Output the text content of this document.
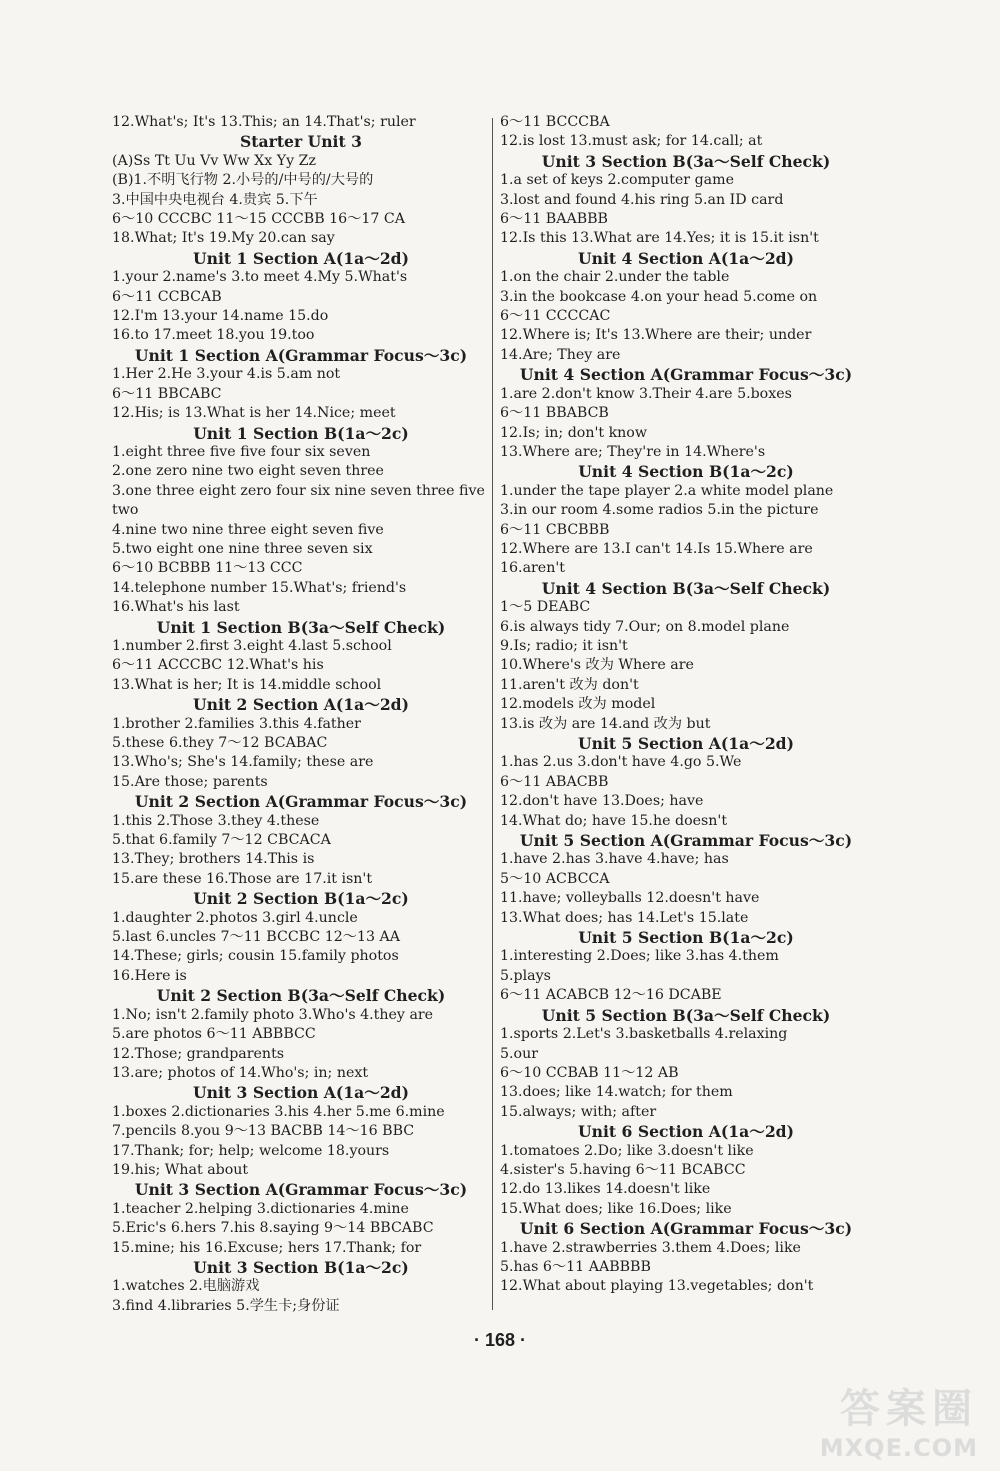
12.What's; It's 13.This; an 14.That's; ruler
Starter Unit 3
(A)Ss Tt Uu Vv Ww Xx Yy Zz
(B)1.不明飞行物 2.小号的/中号的/大号的
3.中国中央电视台 4.贵宾 5.下午
6～10 CCCBC 11～15 CCCBB 16～17 CA
18.What; It's 19.My 20.can say
Unit 1 Section A(1a～2d)
1.your 2.name's 3.to meet 4.My 5.What's
6～11 CCBCAB
12.I'm 13.your 14.name 15.do
16.to 17.meet 18.you 19.too
Unit 1 Section A(Grammar Focus～3c)
1.Her 2.He 3.your 4.is 5.am not
6～11 BBCABC
12.His; is 13.What is her 14.Nice; meet
Unit 1 Section B(1a～2c)
1.eight three five five four six seven
2.one zero nine two eight seven three
3.one three eight zero four six nine seven three five
two
4.nine two nine three eight seven five
5.two eight one nine three seven six
6～10 BCBBB 11～13 CCC
14.telephone number 15.What's; friend's
16.What's his last
Unit 1 Section B(3a～Self Check)
1.number 2.first 3.eight 4.last 5.school
6～11 ACCCBC 12.What's his
13.What is her; It is 14.middle school
Unit 2 Section A(1a～2d)
1.brother 2.families 3.this 4.father
5.these 6.they 7～12 BCABAC
13.Who's; She's 14.family; these are
15.Are those; parents
Unit 2 Section A(Grammar Focus～3c)
1.this 2.Those 3.they 4.these
5.that 6.family 7～12 CBCACA
13.They; brothers 14.This is
15.are these 16.Those are 17.it isn't
Unit 2 Section B(1a～2c)
1.daughter 2.photos 3.girl 4.uncle
5.last 6.uncles 7～11 BCCBC 12～13 AA
14.These; girls; cousin 15.family photos
16.Here is
Unit 2 Section B(3a～Self Check)
1.No; isn't 2.family photo 3.Who's 4.they are
5.are photos 6～11 ABBBCC
12.Those; grandparents
13.are; photos of 14.Who's; in; next
Unit 3 Section A(1a～2d)
1.boxes 2.dictionaries 3.his 4.her 5.me 6.mine
7.pencils 8.you 9～13 BACBB 14～16 BBC
17.Thank; for; help; welcome 18.yours
19.his; What about
Unit 3 Section A(Grammar Focus～3c)
1.teacher 2.helping 3.dictionaries 4.mine
5.Eric's 6.hers 7.his 8.saying 9～14 BBCABC
15.mine; his 16.Excuse; hers 17.Thank; for
Unit 3 Section B(1a～2c)
1.watches 2.电脑游戏
3.find 4.libraries 5.学生卡;身份证
6～11 BCCCBA
12.is lost 13.must ask; for 14.call; at
Unit 3 Section B(3a～Self Check)
1.a set of keys 2.computer game
3.lost and found 4.his ring 5.an ID card
6～11 BAABBB
12.Is this 13.What are 14.Yes; it is 15.it isn't
Unit 4 Section A(1a～2d)
1.on the chair 2.under the table
3.in the bookcase 4.on your head 5.come on
6～11 CCCCAC
12.Where is; It's 13.Where are their; under
14.Are; They are
Unit 4 Section A(Grammar Focus～3c)
1.are 2.don't know 3.Their 4.are 5.boxes
6～11 BBABCB
12.Is; in; don't know
13.Where are; They're in 14.Where's
Unit 4 Section B(1a～2c)
1.under the tape player 2.a white model plane
3.in our room 4.some radios 5.in the picture
6～11 CBCBBB
12.Where are 13.I can't 14.Is 15.Where are
16.aren't
Unit 4 Section B(3a～Self Check)
1～5 DEABC
6.is always tidy 7.Our; on 8.model plane
9.Is; radio; it isn't
10.Where's 改为 Where are
11.aren't 改为 don't
12.models 改为 model
13.is 改为 are 14.and 改为 but
Unit 5 Section A(1a～2d)
1.has 2.us 3.don't have 4.go 5.We
6～11 ABACBB
12.don't have 13.Does; have
14.What do; have 15.he doesn't
Unit 5 Section A(Grammar Focus～3c)
1.have 2.has 3.have 4.have; has
5～10 ACBCCA
11.have; volleyballs 12.doesn't have
13.What does; has 14.Let's 15.late
Unit 5 Section B(1a～2c)
1.interesting 2.Does; like 3.has 4.them
5.plays
6～11 ACABCB 12～16 DCABE
Unit 5 Section B(3a～Self Check)
1.sports 2.Let's 3.basketballs 4.relaxing
5.our
6～10 CCBAB 11～12 AB
13.does; like 14.watch; for them
15.always; with; after
Unit 6 Section A(1a～2d)
1.tomatoes 2.Do; like 3.doesn't like
4.sister's 5.having 6～11 BCABCC
12.do 13.likes 14.doesn't like
15.What does; like 16.Does; like
Unit 6 Section A(Grammar Focus～3c)
1.have 2.strawberries 3.them 4.Does; like
5.has 6～11 AABBBB
12.What about playing 13.vegetables; don't
· 168 ·
答案圈
MXQE.COM
